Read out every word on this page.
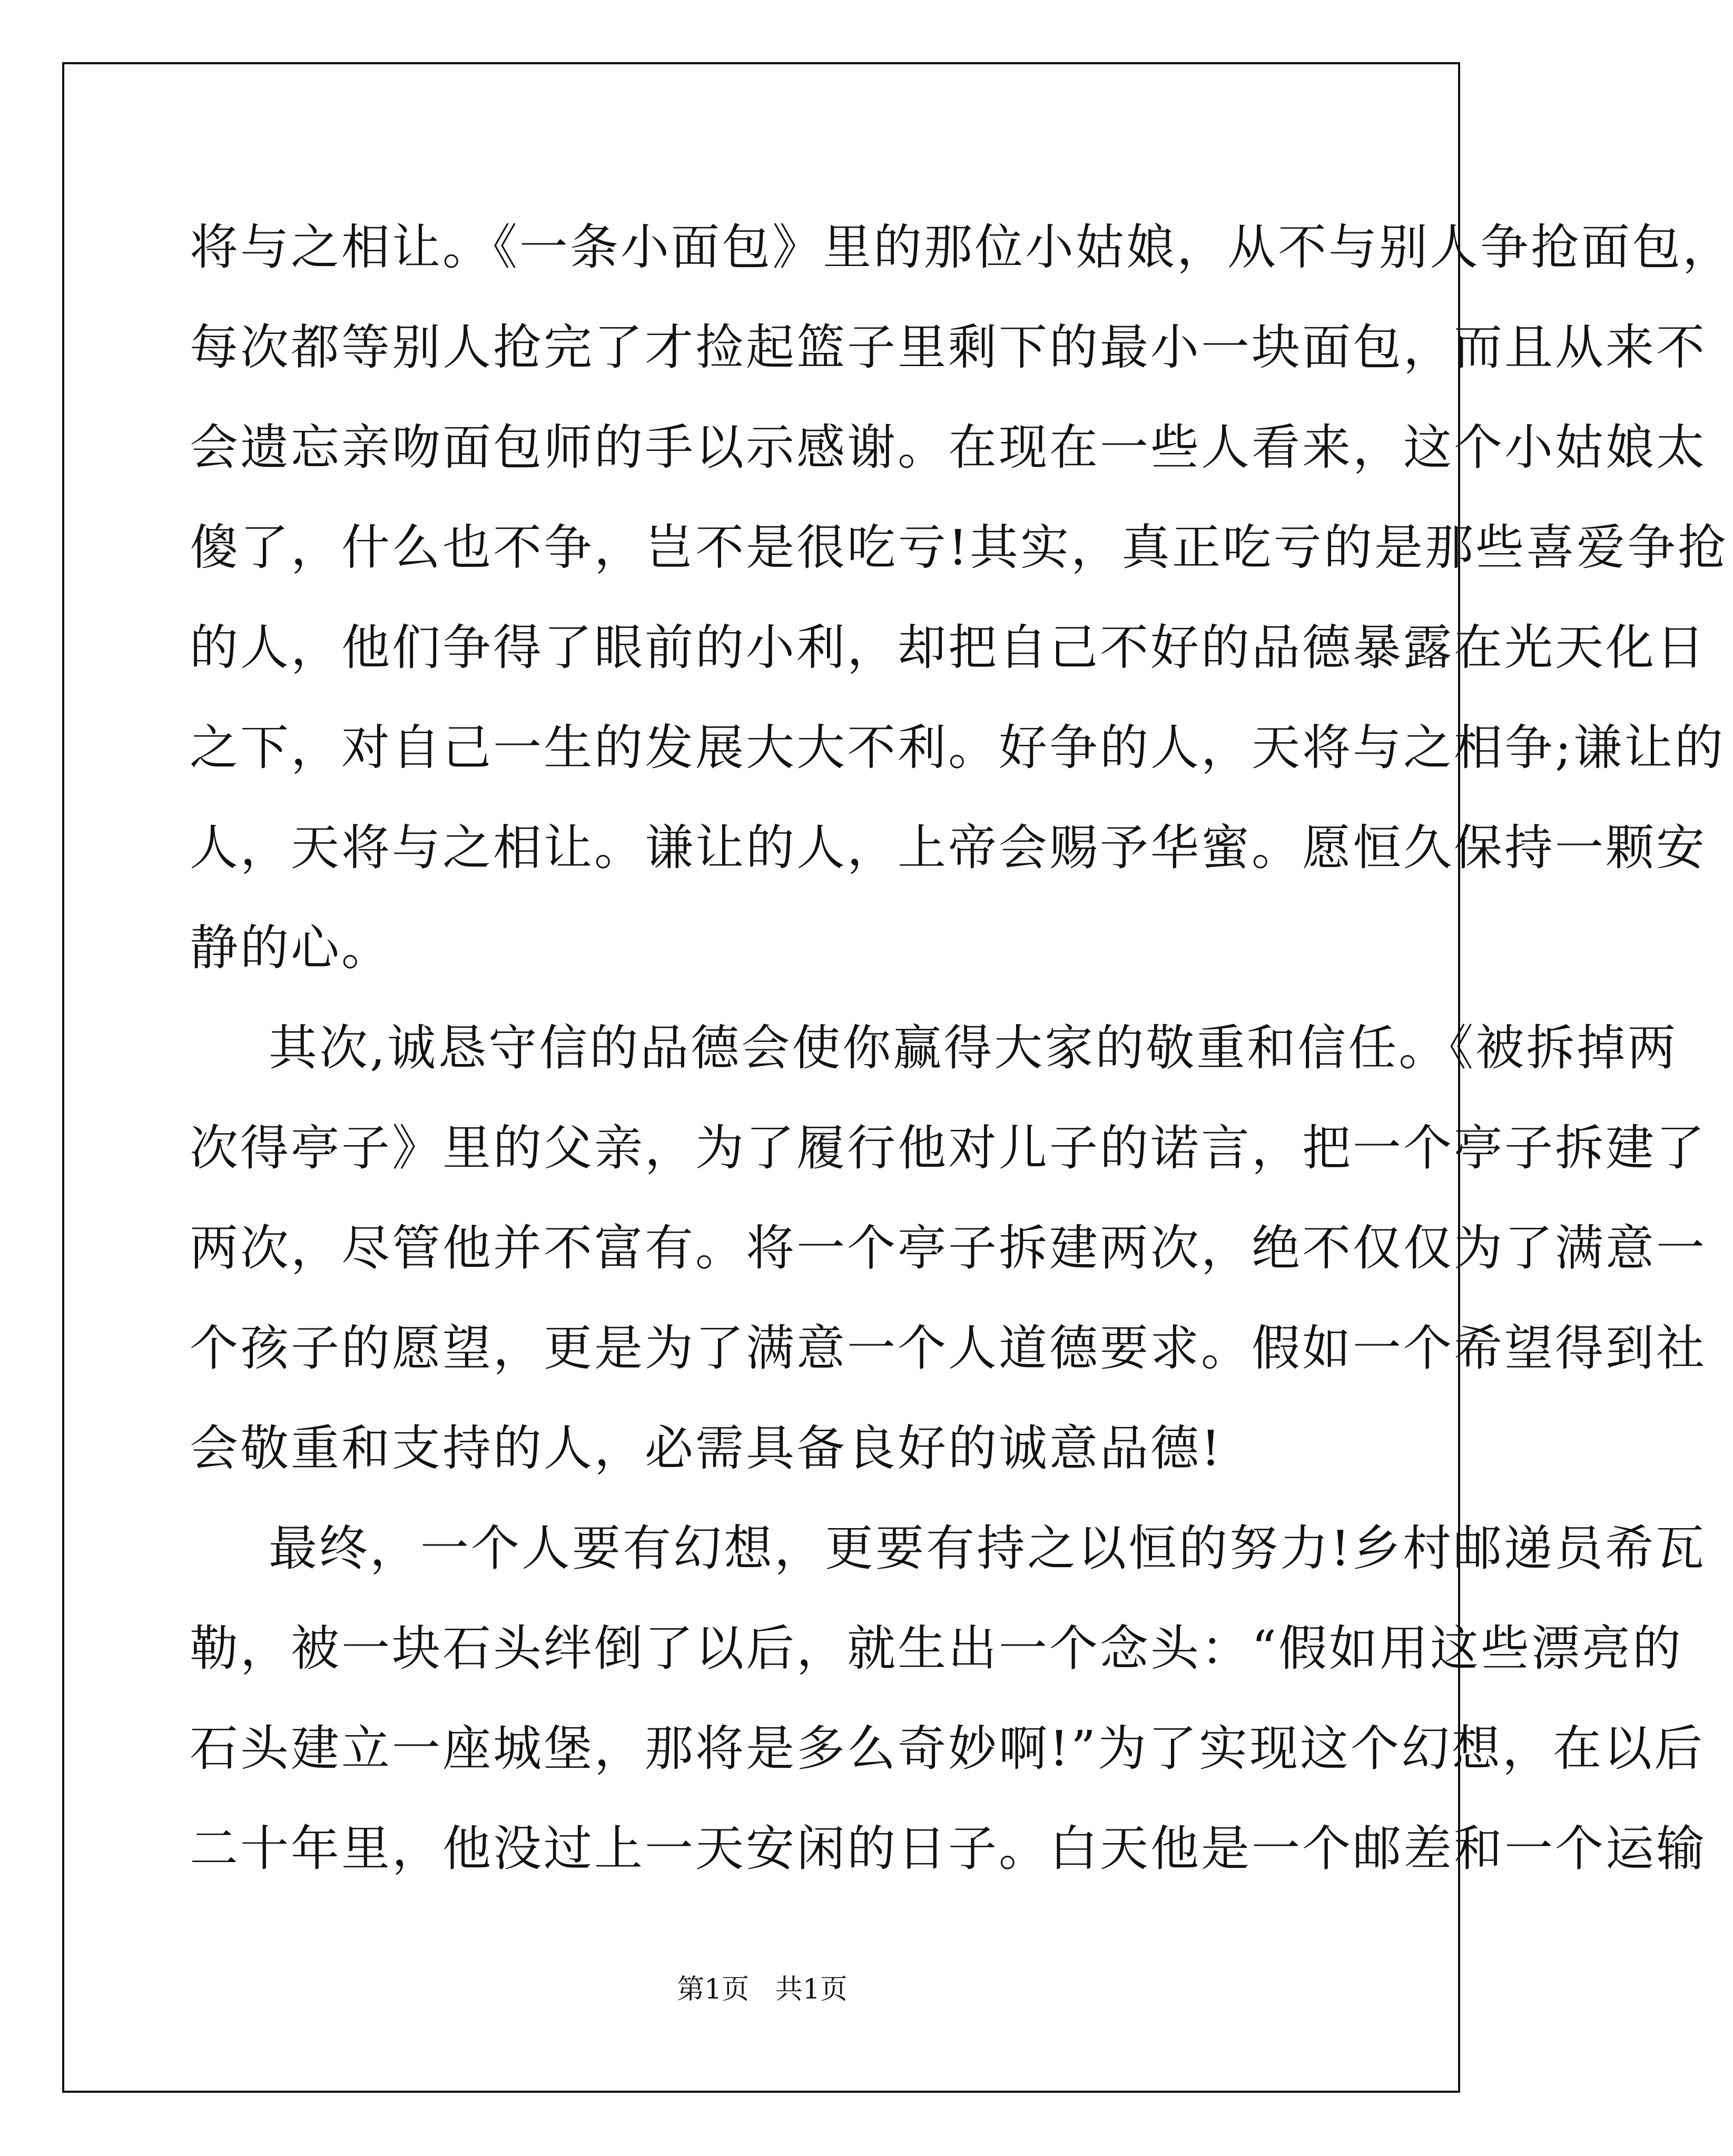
将与之相让。《一条小面包》里的那位小姑娘，从不与别人争抢面包，
每次都等别人抢完了才捡起篮子里剩下的最小一块面包，而且从来不
会遗忘亲吻面包师的手以示感谢。在现在一些人看来，这个小姑娘太
傻了，什么也不争，岂不是很吃亏!其实，真正吃亏的是那些喜爱争抢
的人，他们争得了眼前的小利，却把自己不好的品德暴露在光天化日
之下，对自己一生的发展大大不利。好争的人，天将与之相争;谦让的
人，天将与之相让。谦让的人，上帝会赐予华蜜。愿恒久保持一颗安
静的心。
其次,诚恳守信的品德会使你赢得大家的敬重和信任。《被拆掉两
次得亭子》里的父亲，为了履行他对儿子的诺言，把一个亭子拆建了
两次，尽管他并不富有。将一个亭子拆建两次，绝不仅仅为了满意一
个孩子的愿望，更是为了满意一个人道德要求。假如一个希望得到社
会敬重和支持的人，必需具备良好的诚意品德!
最终，一个人要有幻想，更要有持之以恒的努力!乡村邮递员希瓦
勒，被一块石头绊倒了以后，就生出一个念头：“假如用这些漂亮的
石头建立一座城堡，那将是多么奇妙啊!”为了实现这个幻想，在以后
二十年里，他没过上一天安闲的日子。白天他是一个邮差和一个运输
第1页   共1页
